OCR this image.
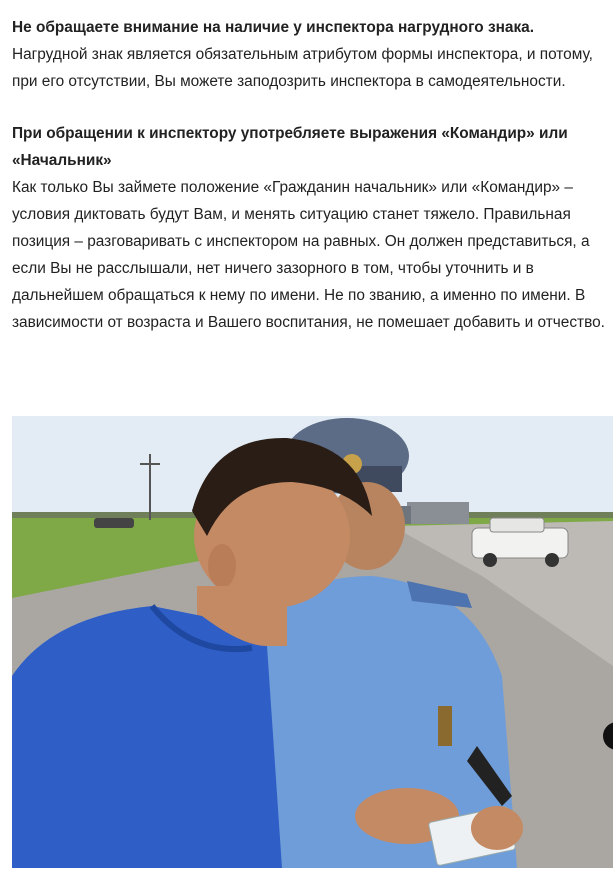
Не обращаете внимание на наличие у инспектора нагрудного знака.

Нагрудной знак является обязательным атрибутом формы инспектора, и потому, при его отсутствии, Вы можете заподозрить инспектора в самодеятельности.

При обращении к инспектору употребляете выражения «Командир» или «Начальник»

Как только Вы займете положение «Гражданин начальник» или «Командир» – условия диктовать будут Вам, и менять ситуацию станет тяжело. Правильная позиция – разговаривать с инспектором на равных. Он должен представиться, а если Вы не расслышали, нет ничего зазорного в том, чтобы уточнить и в дальнейшем обращаться к нему по имени. Не по званию, а именно по имени. В зависимости от возраста и Вашего воспитания, не помешает добавить и отчество.
